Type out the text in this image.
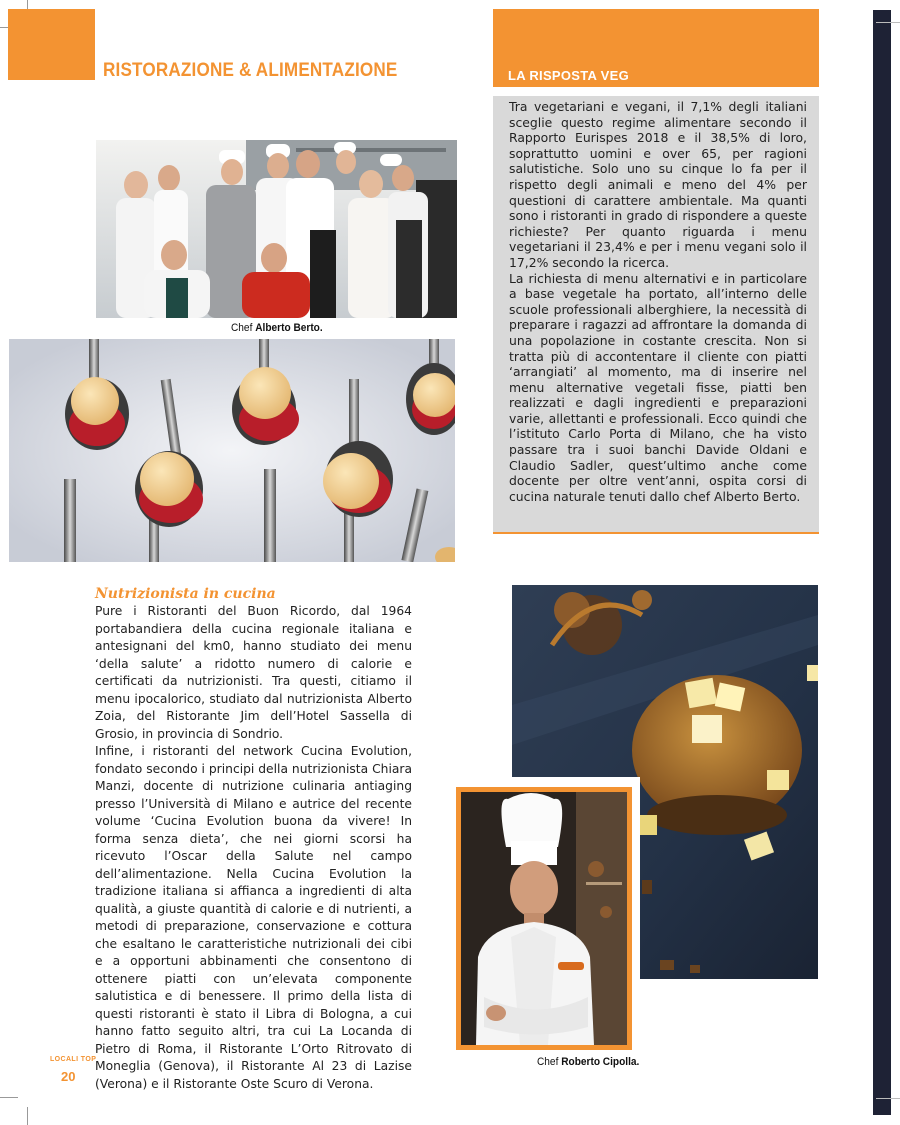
RISTORAZIONE & ALIMENTAZIONE	LA RISPOSTA VEG

Tra vegetariani e vegani, il 7,1% degli italiani sceglie questo regime alimentare secondo il Rapporto Eurispes 2018 e il 38,5% di loro, soprattutto uomini e over 65, per ragioni salutistiche. Solo uno su cinque lo fa per il rispetto degli animali e meno del 4% per questioni di carattere ambientale. Ma quanti sono i ristoranti in grado di rispondere a queste richieste? Per quanto riguarda i menu vegetariani il 23,4% e per i menu vegani solo il 17,2% secondo la ricerca.

La richiesta di menu alternativi e in particolare a base vegetale ha portato, all’interno delle scuole professionali alberghiere, la necessità di preparare i ragazzi ad affrontare la domanda di una popolazione in costante crescita. Non si tratta più di accontentare il cliente con piatti ‘arrangiati’ al momento, ma di inserire nel menu alternative vegetali fisse, piatti ben realizzati e dagli ingredienti e preparazioni varie, allettanti e professionali. Ecco quindi che l’istituto Carlo Porta di Milano, che ha visto passare tra i suoi banchi Davide Oldani e Claudio Sadler, quest’ultimo anche come docente per oltre vent’anni, ospita corsi di cucina naturale tenuti dallo chef Alberto Berto.

Chef Alberto Berto.
Nutrizionista in cucina

Pure i Ristoranti del Buon Ricordo, dal 1964 portabandiera della cucina regionale italiana e antesignani del km0, hanno studiato dei menu ‘della salute’ a ridotto numero di calorie e certificati da nutrizionisti. Tra questi, citiamo il menu ipocalorico, studiato dal nutrizionista Alberto Zoia, del Ristorante Jim dell’Hotel Sassella di Grosio, in provincia di Sondrio.

Infine, i ristoranti del network Cucina Evolution, fondato secondo i principi della nutrizionista Chiara Manzi, docente di nutrizione culinaria antiaging presso l’Università di Milano e autrice del recente volume ‘Cucina Evolution buona da vivere! In forma senza dieta’, che nei giorni scorsi ha ricevuto l’Oscar della Salute nel campo dell’alimentazione. Nella Cucina Evolution la tradizione italiana si affianca a ingredienti di alta qualità, a giuste quantità di calorie e di nutrienti, a metodi di preparazione, conservazione e cottura che esaltano le caratteristiche nutrizionali dei cibi e a opportuni abbinamenti che consentono di ottenere piatti con un’elevata componente salutistica e di benessere. Il primo della lista di questi ristoranti è stato il Libra di Bologna, a cui hanno fatto seguito altri, tra cui La Locanda di Pietro di Roma, il Ristorante L’Orto Ritrovato di Moneglia (Genova), il Ristorante Al 23 di Lazise (Verona) e il Ristorante Oste Scuro di Verona.

Chef Roberto Cipolla.
LOCALI TOP
20
